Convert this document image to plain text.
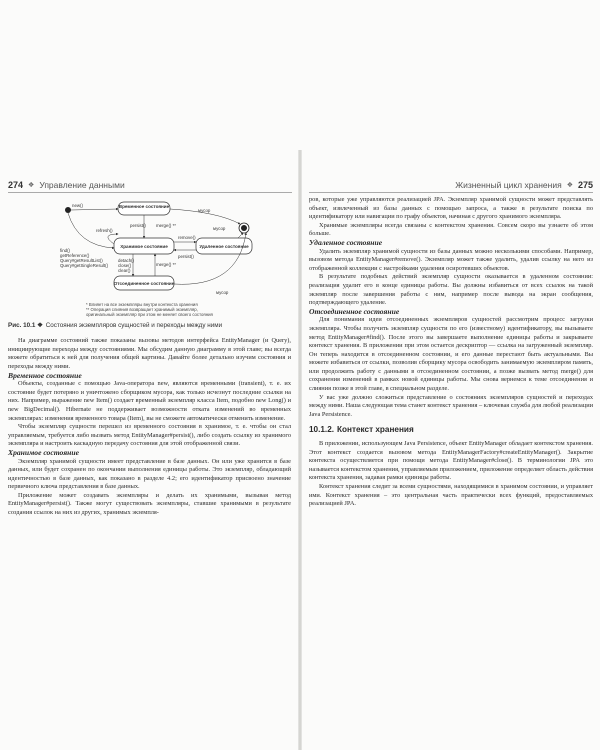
274 ❖ Управление данными	Жизненный цикл хранения ❖ 275
Временное состояние
Хранимое состояние	Удаленное состояние
Отсоединенное состояние
new()
persist() merge() **
мусор
refresh()
remove()
persist()
merge() **
мусор
мусор
find()
getReference()
Query#getResultList()
Query#getSingleResult()
detach()
close()
clear()
* Влияет на все экземпляры внутри контекста хранения
** Операция слияния возвращает хранимый экземпляр,
оригинальный экземпляр при этом не меняет своего состояния
Рис. 10.1 ❖ Состояния экземпляров сущностей и переходы между ними

На диаграмме состояний также показаны вызовы методов интерфейса EntityManager (и Query), инициирующие переходы между состояниями. Мы обсудим данную диаграмму в этой главе; вы всегда можете обратиться к ней для получения общей картины. Давайте более детально изучим состояния и переходы между ними.

Временное состояние

Объекты, созданные с помощью Java-оператора new, являются временными (transient), т. е. их состояние будет потеряно и уничтожено сборщиком мусора, как только исчезнут последние ссылки на них. Например, выражение new Item() создает временный экземпляр класса Item, подобно new Long() и new BigDecimal(). Hibernate не поддерживает возможности отката изменений во временных экземплярах: изменения временного товара (Item), вы не сможете автоматически отменить изменение.

Чтобы экземпляр сущности перешел из временного состояния в хранимое, т. е. чтобы он стал управляемым, требуется либо вызвать метод EntityManager#persist(), либо создать ссылку из хранимого экземпляра и настроить каскадную передачу состояния для этой отображенной связи.

Хранимое состояние

Экземпляр хранимой сущности имеет представление в базе данных. Он или уже хранится в базе данных, или будет сохранен по окончании выполнения единицы работы. Это экземпляр, обладающий идентичностью в базе данных, как показано в разделе 4.2; его идентификатор присвоено значение первичного ключа представления в базе данных.

Приложение может создавать экземпляры и делать их хранимыми, вызывая метод EntityManager#persist(). Также могут существовать экземпляры, ставшие хранимыми в результате создания ссылок на них из других, хранимых экземпля-

ров, которые уже управляются реализацией JPA. Экземпляр хранимой сущности может представлять объект, извлеченный из базы данных с помощью запроса, а также в результате поиска по идентификатору или навигации по графу объектов, начиная с другого хранимого экземпляра.

Хранимые экземпляры всегда связаны с контекстом хранения. Совсем скоро вы узнаете об этом больше.

Удаленное состояние

Удалить экземпляр хранимой сущности из базы данных можно несколькими способами. Например, вызовом метода EntityManager#remove(). Экземпляр может также удалить, удалив ссылку на него из отображенной коллекции с настройками удаления осиротевших объектов.

В результате подобных действий экземпляр сущности оказывается в удаленном состоянии: реализация удалит его в конце единицы работы. Вы должны избавиться от всех ссылок на такой экземпляр после завершения работы с ним, например после вывода на экран сообщения, подтверждающего удаление.

Отсоединенное состояние

Для понимания идеи отсоединенных экземпляров сущностей рассмотрим процесс загрузки экземпляра. Чтобы получить экземпляр сущности по его (известному) идентификатору, вы вызываете метод EntityManager#find(). После этого вы завершаете выполнение единицы работы и закрываете контекст хранения. В приложении при этом остается дескриптор — ссылка на загруженный экземпляр. Он теперь находится в отсоединенном состоянии, и его данные перестают быть актуальными. Вы можете избавиться от ссылки, позволив сборщику мусора освободить занимаемую экземпляром память, или продолжить работу с данными в отсоединенном состоянии, а позже вызвать метод merge() для сохранения изменений в рамках новой единицы работы. Мы снова вернемся к теме отсоединения и слияния позже в этой главе, в специальном разделе.

У вас уже должно сложиться представление о состояниях экземпляров сущностей и переходах между ними. Наша следующая тема станет контекст хранения – ключевая служба для любой реализации Java Persistence.

10.1.2. Контекст хранения

В приложении, использующем Java Persistence, объект EntityManager обладает контекстом хранения. Этот контекст создается вызовом метода EntityManagerFactory#createEntityManager(). Закрытие контекста осуществляется при помощи метода EntityManager#close(). В терминологии JPA это называется контекстом хранения, управляемым приложением, приложение определяет область действия контекста хранения, задавая рамки единицы работы.

Контекст хранения следит за всеми сущностями, находящимися в хранимом состоянии, и управляет ими. Контекст хранения – это центральная часть практически всех функций, предоставляемых реализацией JPA.
